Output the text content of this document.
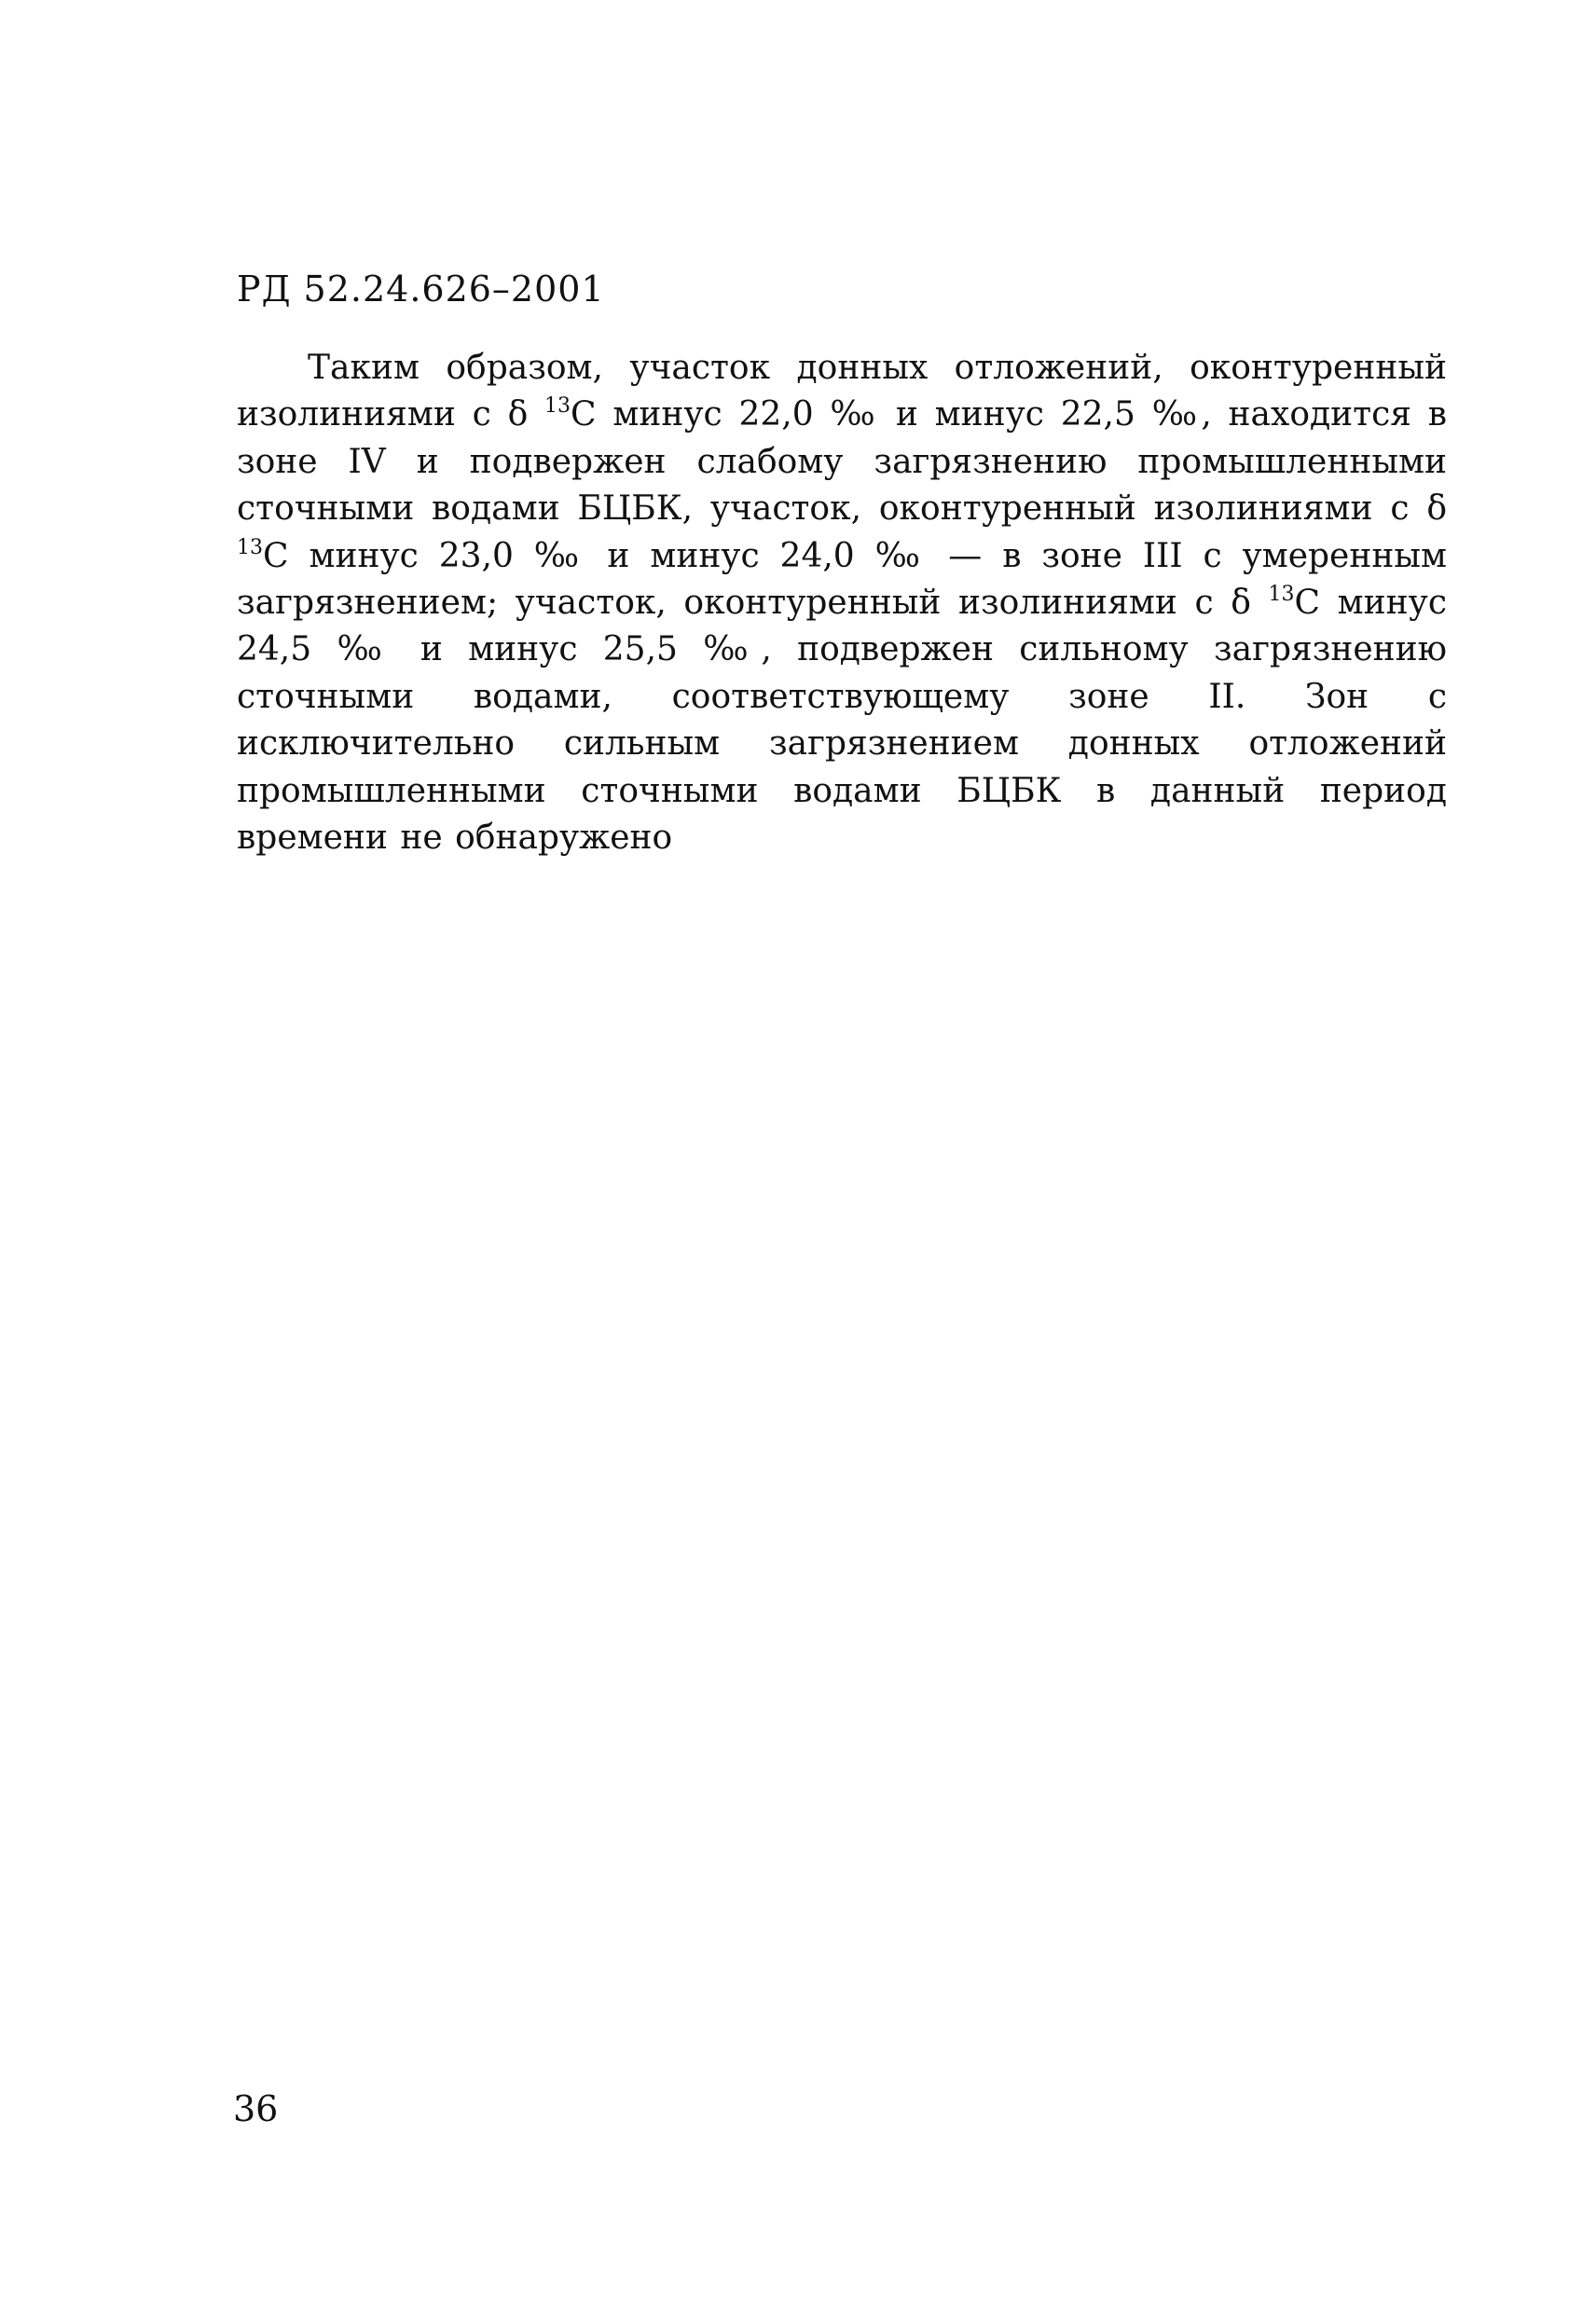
РД 52.24.626–2001

Таким образом, участок донных отложений, оконтуренный изолиниями с δ $^{13}$С минус 22,0 ‰ и минус 22,5 ‰, находится в зоне IV и подвержен слабому загрязнению промышленными сточными водами БЦБК, участок, оконтуренный изолиниями с δ $^{13}$С минус 23,0 ‰ и минус 24,0 ‰ — в зоне III с умеренным загрязнением; участок, оконтуренный изолиниями с δ $^{13}$С минус 24,5 ‰ и минус 25,5 ‰, подвержен сильному загрязнению сточными водами, соответствующему зоне II. Зон с исключительно сильным загрязнением донных отложений промышленными сточными водами БЦБК в данный период времени не обнаружено

36
